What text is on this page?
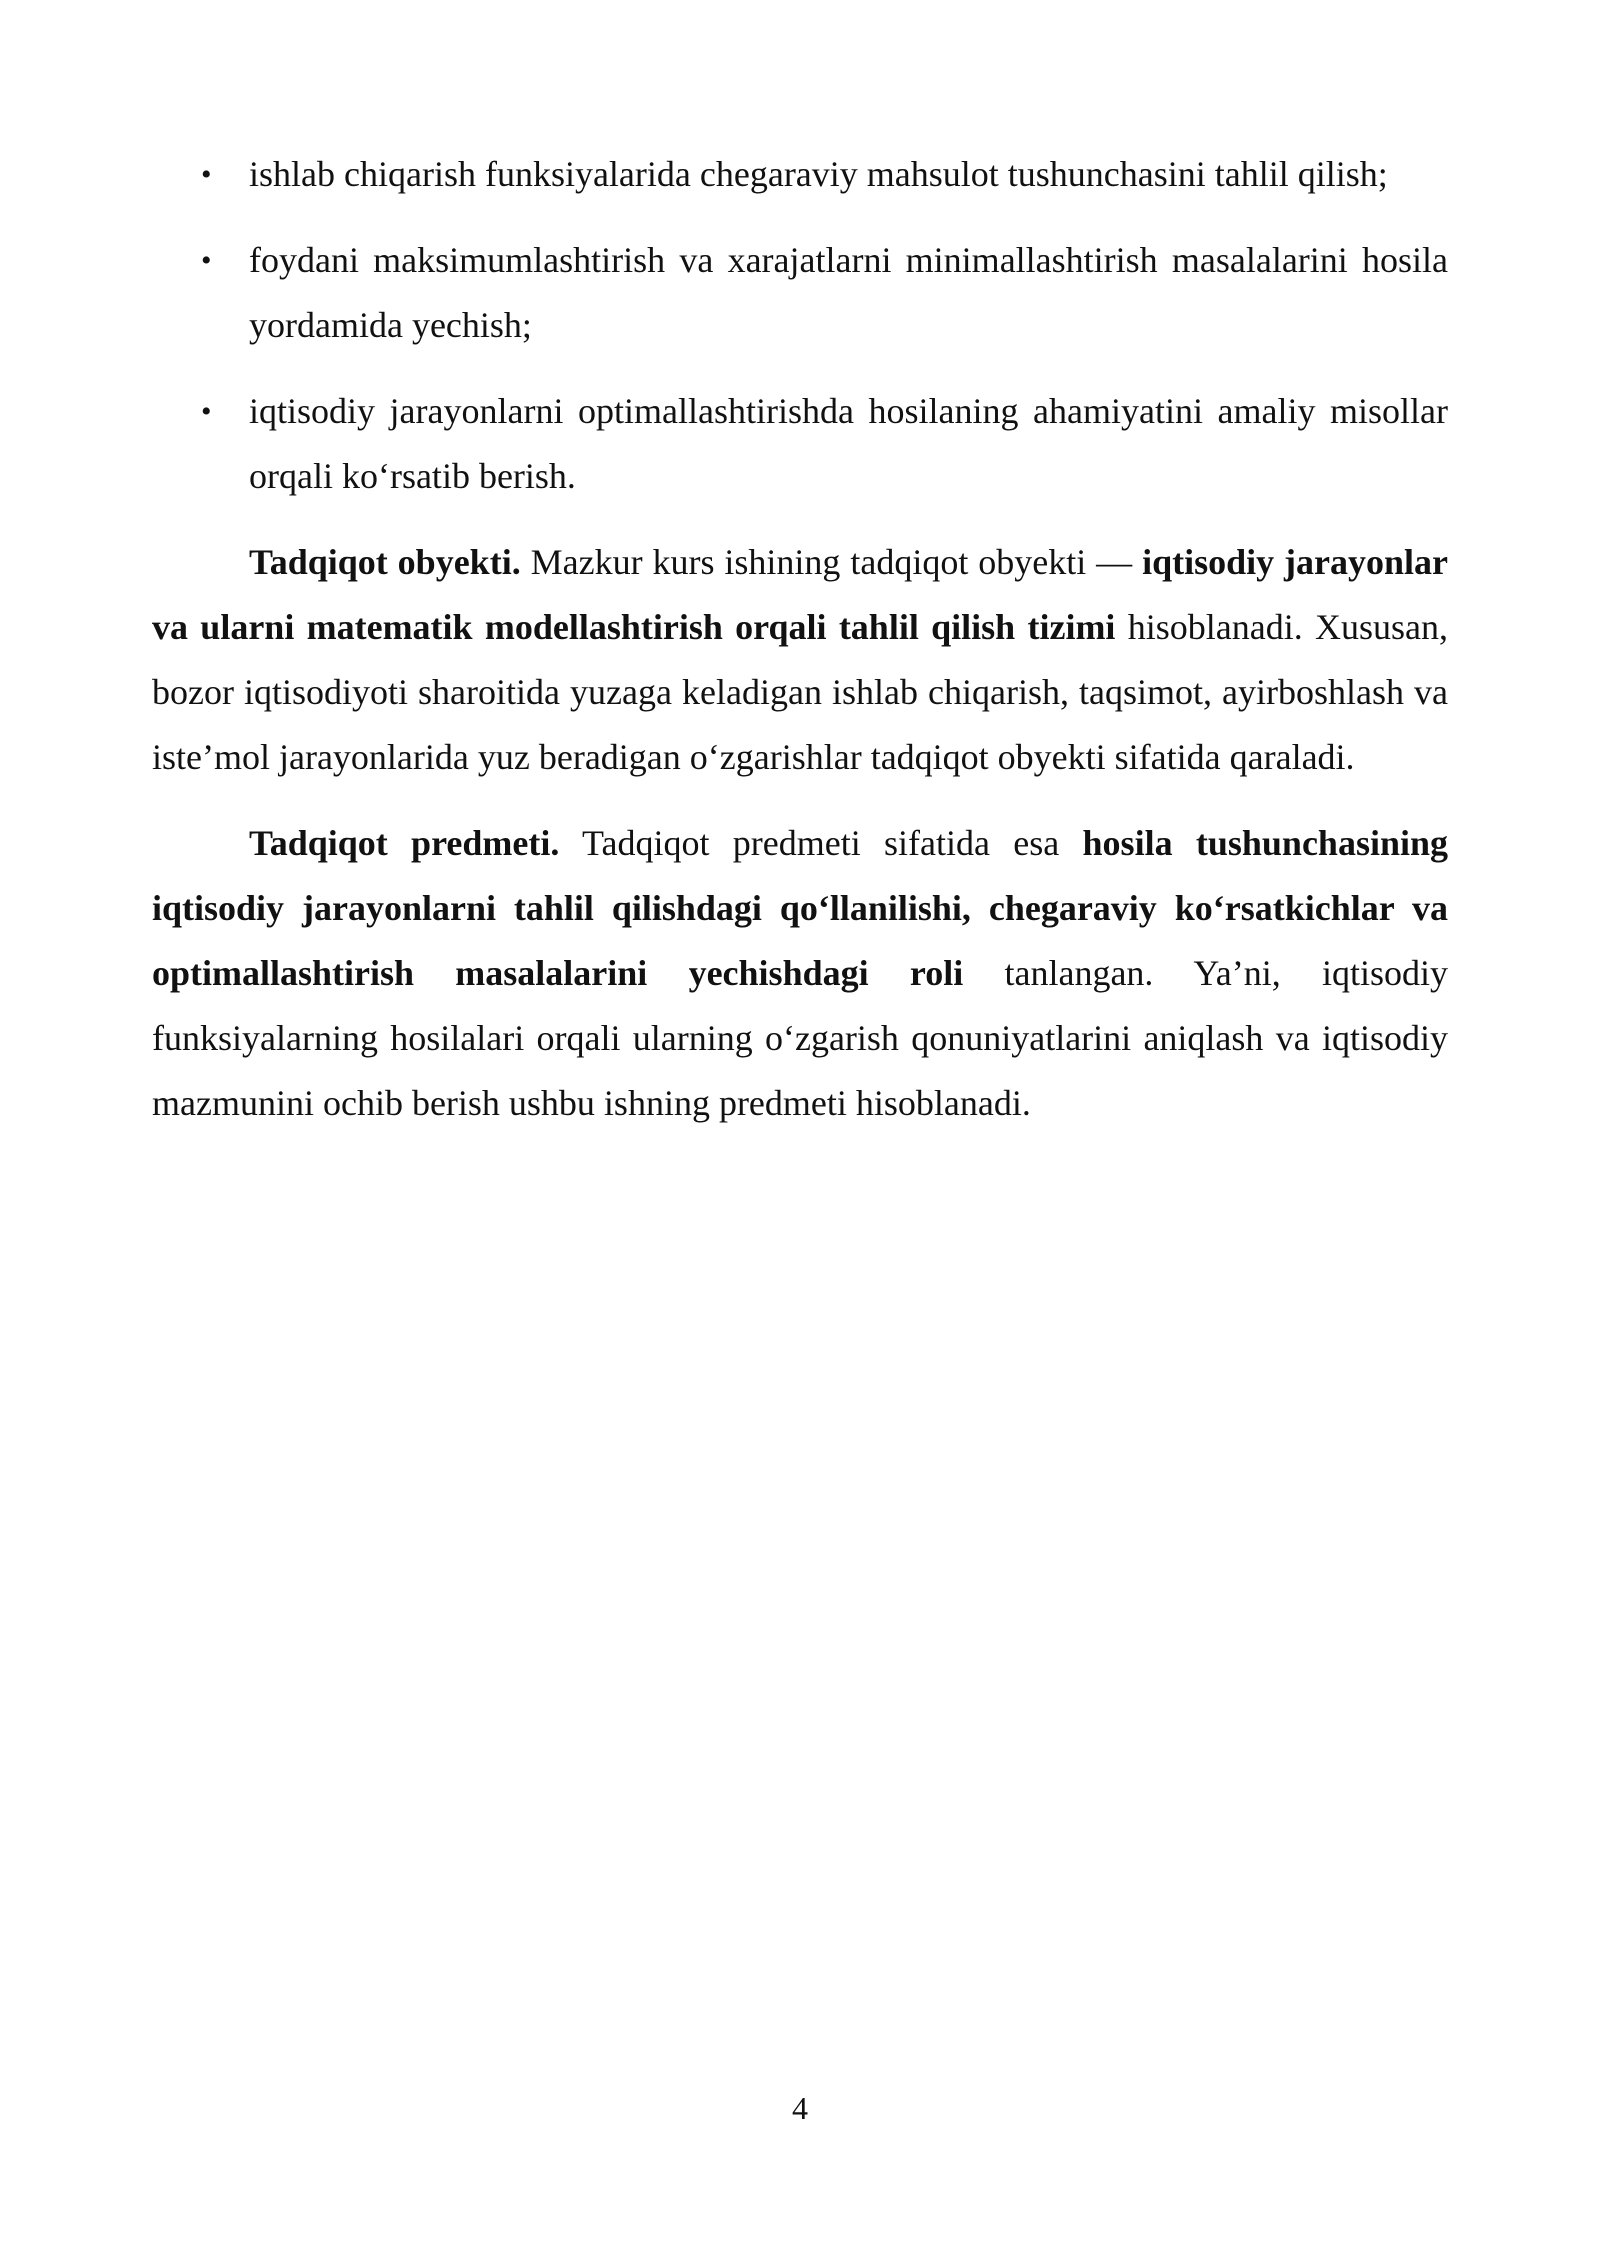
• ishlab chiqarish funksiyalarida chegaraviy mahsulot tushunchasini tahlil qilish;
• foydani maksimumlashtirish va xarajatlarni minimallashtirish masalalarini hosila yordamida yechish;
• iqtisodiy jarayonlarni optimallashtirishda hosilaning ahamiyatini amaliy misollar orqali ko‘rsatib berish.

Tadqiqot obyekti. Mazkur kurs ishining tadqiqot obyekti — iqtisodiy jarayonlar va ularni matematik modellashtirish orqali tahlil qilish tizimi hisoblanadi. Xususan, bozor iqtisodiyoti sharoitida yuzaga keladigan ishlab chiqarish, taqsimot, ayirboshlash va iste’mol jarayonlarida yuz beradigan o‘zgarishlar tadqiqot obyekti sifatida qaraladi.

Tadqiqot predmeti. Tadqiqot predmeti sifatida esa hosila tushunchasining iqtisodiy jarayonlarni tahlil qilishdagi qo‘llanilishi, chegaraviy ko‘rsatkichlar va optimallashtirish masalalarini yechishdagi roli tanlangan. Ya’ni, iqtisodiy funksiyalarning hosilalari orqali ularning o‘zgarish qonuniyatlarini aniqlash va iqtisodiy mazmunini ochib berish ushbu ishning predmeti hisoblanadi.

4
